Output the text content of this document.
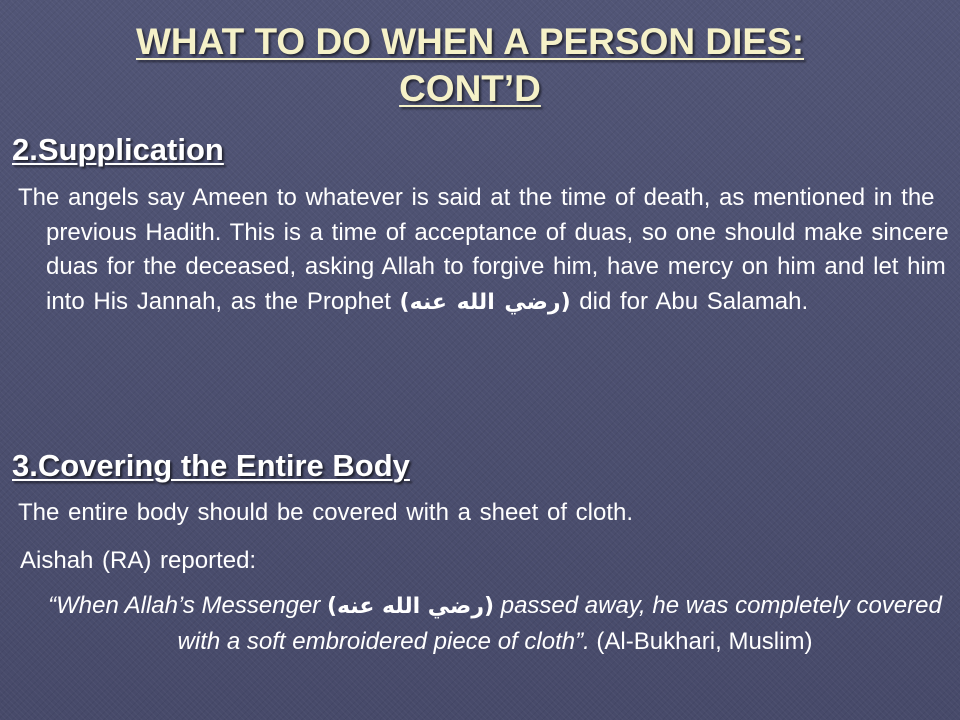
WHAT TO DO WHEN A PERSON DIES:
CONT’D
2.Supplication
The angels say Ameen to whatever is said at the time of death, as mentioned in the previous Hadith. This is a time of acceptance of duas, so one should make sincere duas for the deceased, asking Allah to forgive him, have mercy on him and let him into His Jannah, as the Prophet (رضي الله عنه) did for Abu Salamah.
3.Covering the Entire Body
The entire body should be covered with a sheet of cloth.
Aishah (RA) reported:
“When Allah’s Messenger (رضي الله عنه) passed away, he was completely covered with a soft embroidered piece of cloth”. (Al-Bukhari, Muslim)
